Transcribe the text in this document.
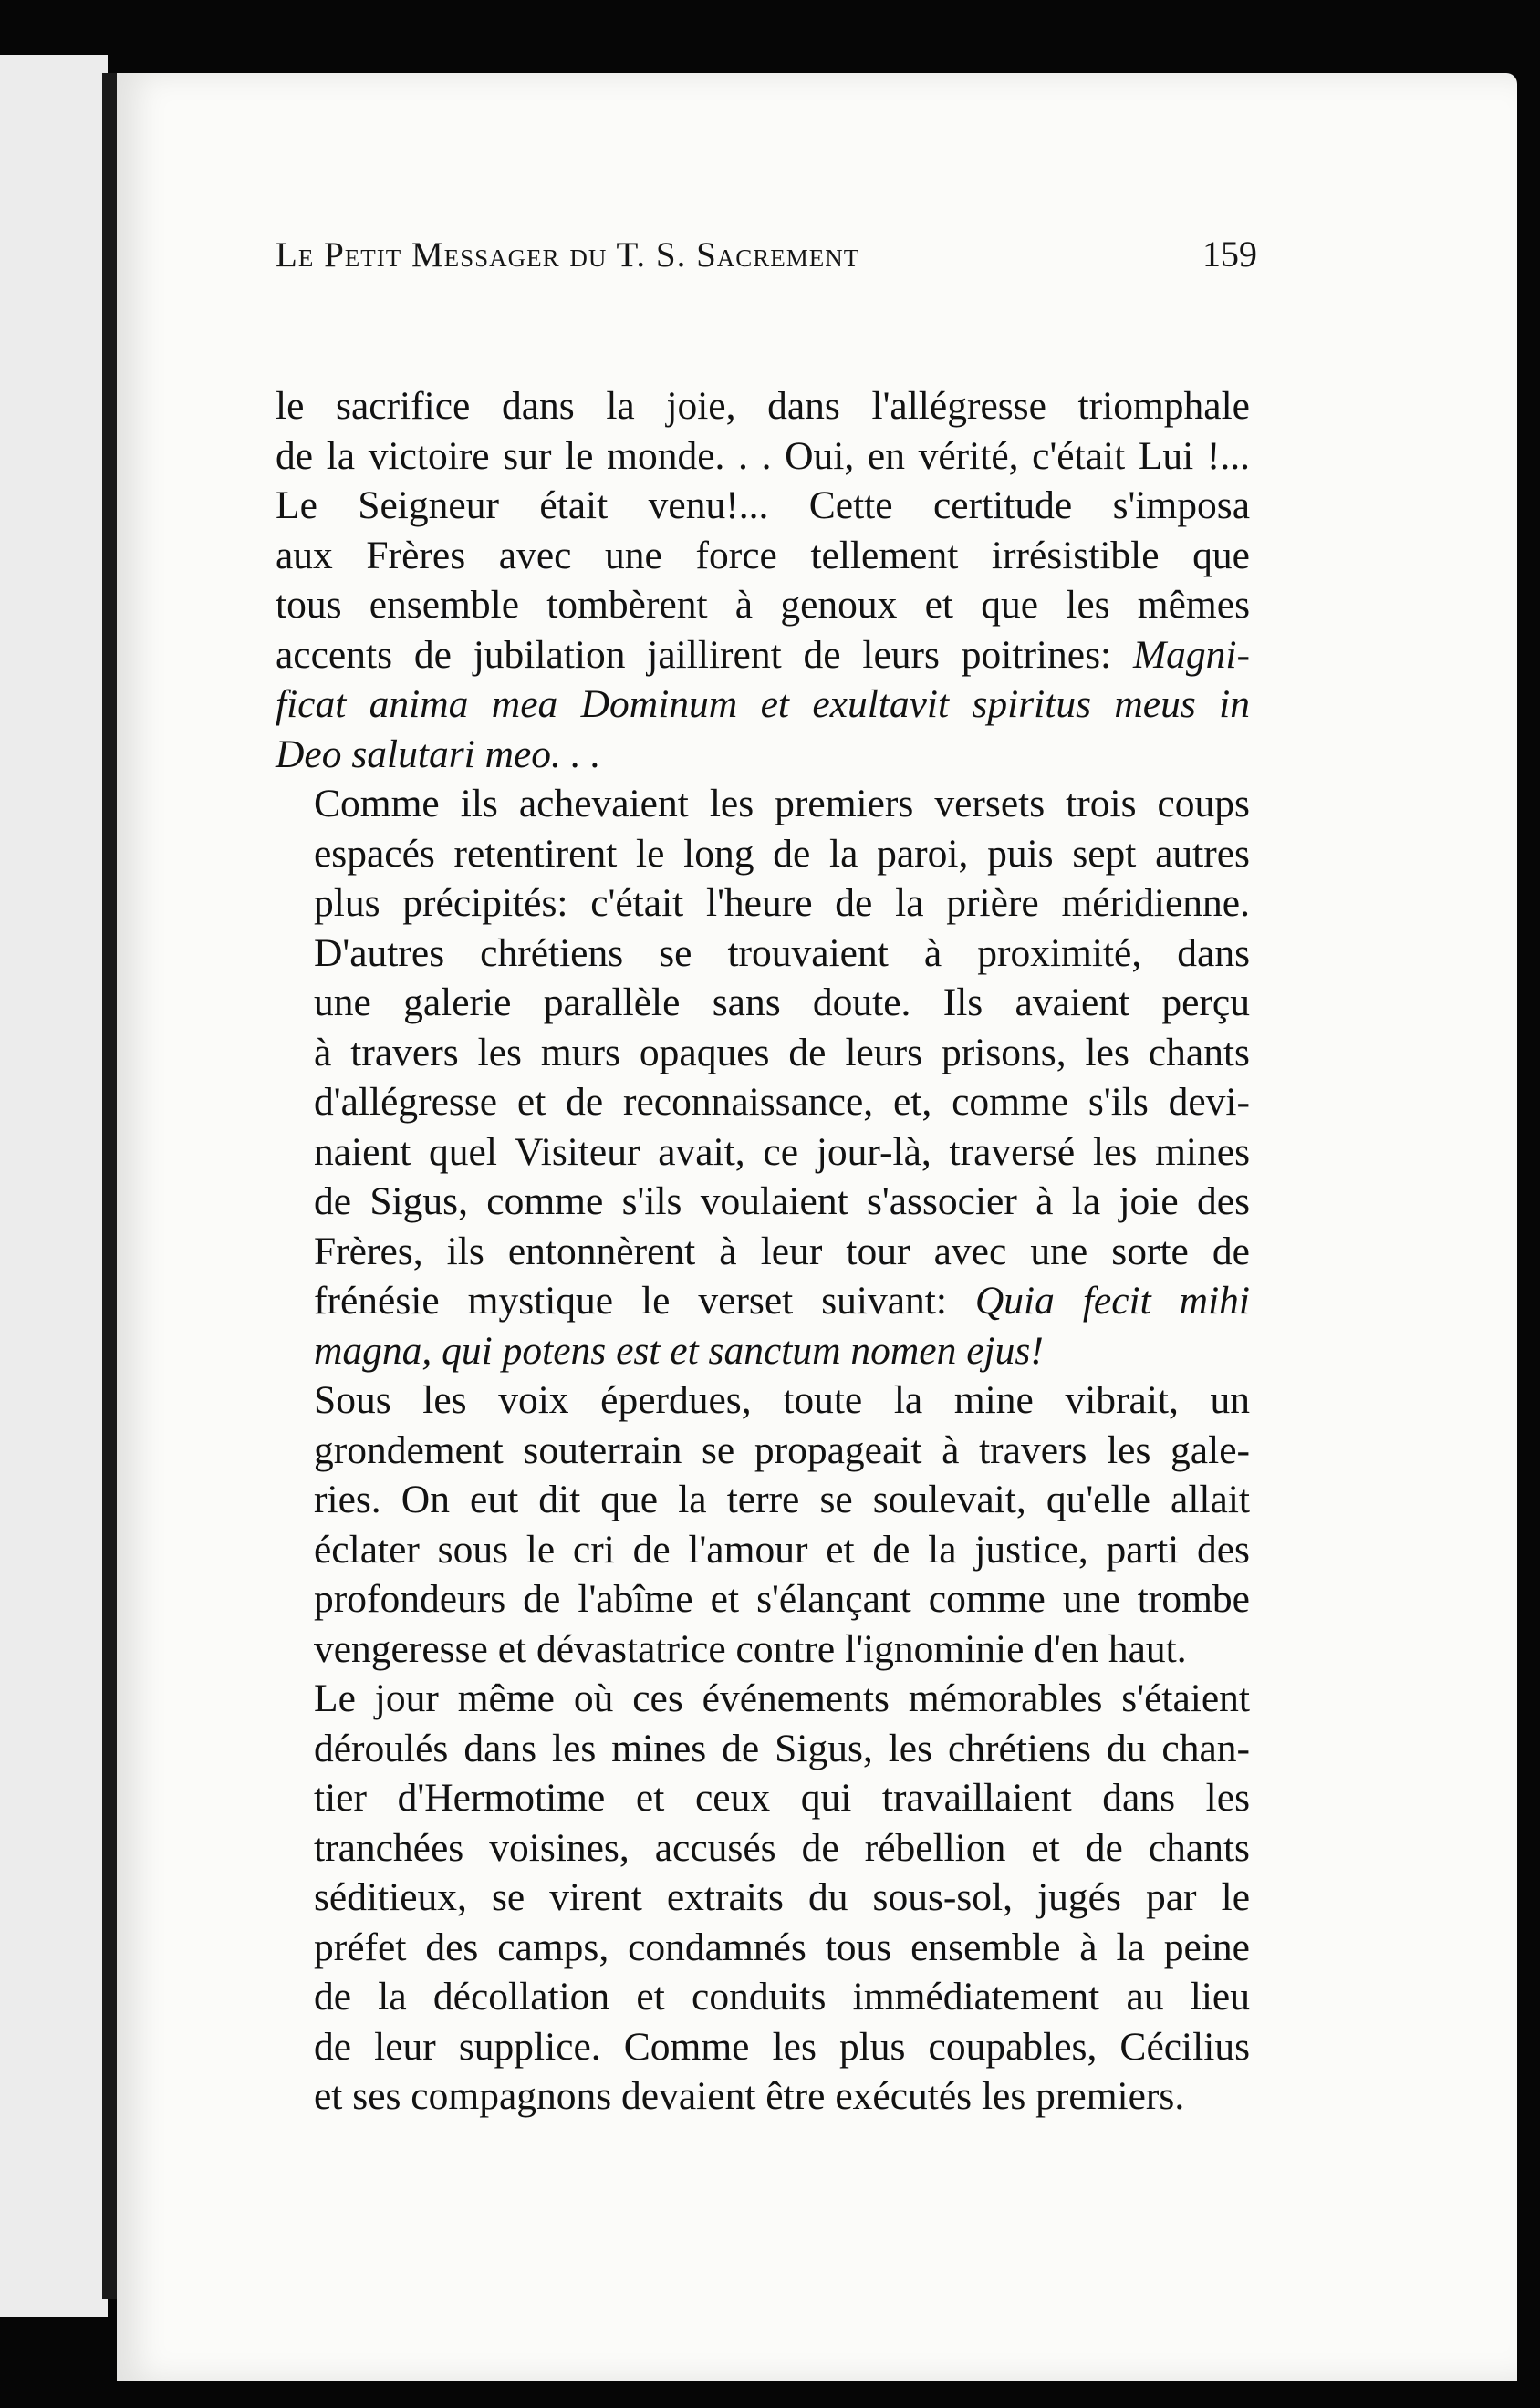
Le Petit Messager du T. S. Sacrement	159

le sacrifice dans la joie, dans l'allégresse triomphale
de la victoire sur le monde. . . Oui, en vérité, c'était Lui !...
Le Seigneur était venu!... Cette certitude s'imposa
aux Frères avec une force tellement irrésistible que
tous ensemble tombèrent à genoux et que les mêmes
accents de jubilation jaillirent de leurs poitrines: Magni-
ficat anima mea Dominum et exultavit spiritus meus in
Deo salutari meo. . .

Comme ils achevaient les premiers versets trois coups
espacés retentirent le long de la paroi, puis sept autres
plus précipités: c'était l'heure de la prière méridienne.
D'autres chrétiens se trouvaient à proximité, dans
une galerie parallèle sans doute. Ils avaient perçu
à travers les murs opaques de leurs prisons, les chants
d'allégresse et de reconnaissance, et, comme s'ils devi-
naient quel Visiteur avait, ce jour-là, traversé les mines
de Sigus, comme s'ils voulaient s'associer à la joie des
Frères, ils entonnèrent à leur tour avec une sorte de
frénésie mystique le verset suivant: Quia fecit mihi
magna, qui potens est et sanctum nomen ejus!

Sous les voix éperdues, toute la mine vibrait, un
grondement souterrain se propageait à travers les gale-
ries. On eut dit que la terre se soulevait, qu'elle allait
éclater sous le cri de l'amour et de la justice, parti des
profondeurs de l'abîme et s'élançant comme une trombe
vengeresse et dévastatrice contre l'ignominie d'en haut.

Le jour même où ces événements mémorables s'étaient
déroulés dans les mines de Sigus, les chrétiens du chan-
tier d'Hermotime et ceux qui travaillaient dans les
tranchées voisines, accusés de rébellion et de chants
séditieux, se virent extraits du sous-sol, jugés par le
préfet des camps, condamnés tous ensemble à la peine
de la décollation et conduits immédiatement au lieu
de leur supplice. Comme les plus coupables, Cécilius
et ses compagnons devaient être exécutés les premiers.
